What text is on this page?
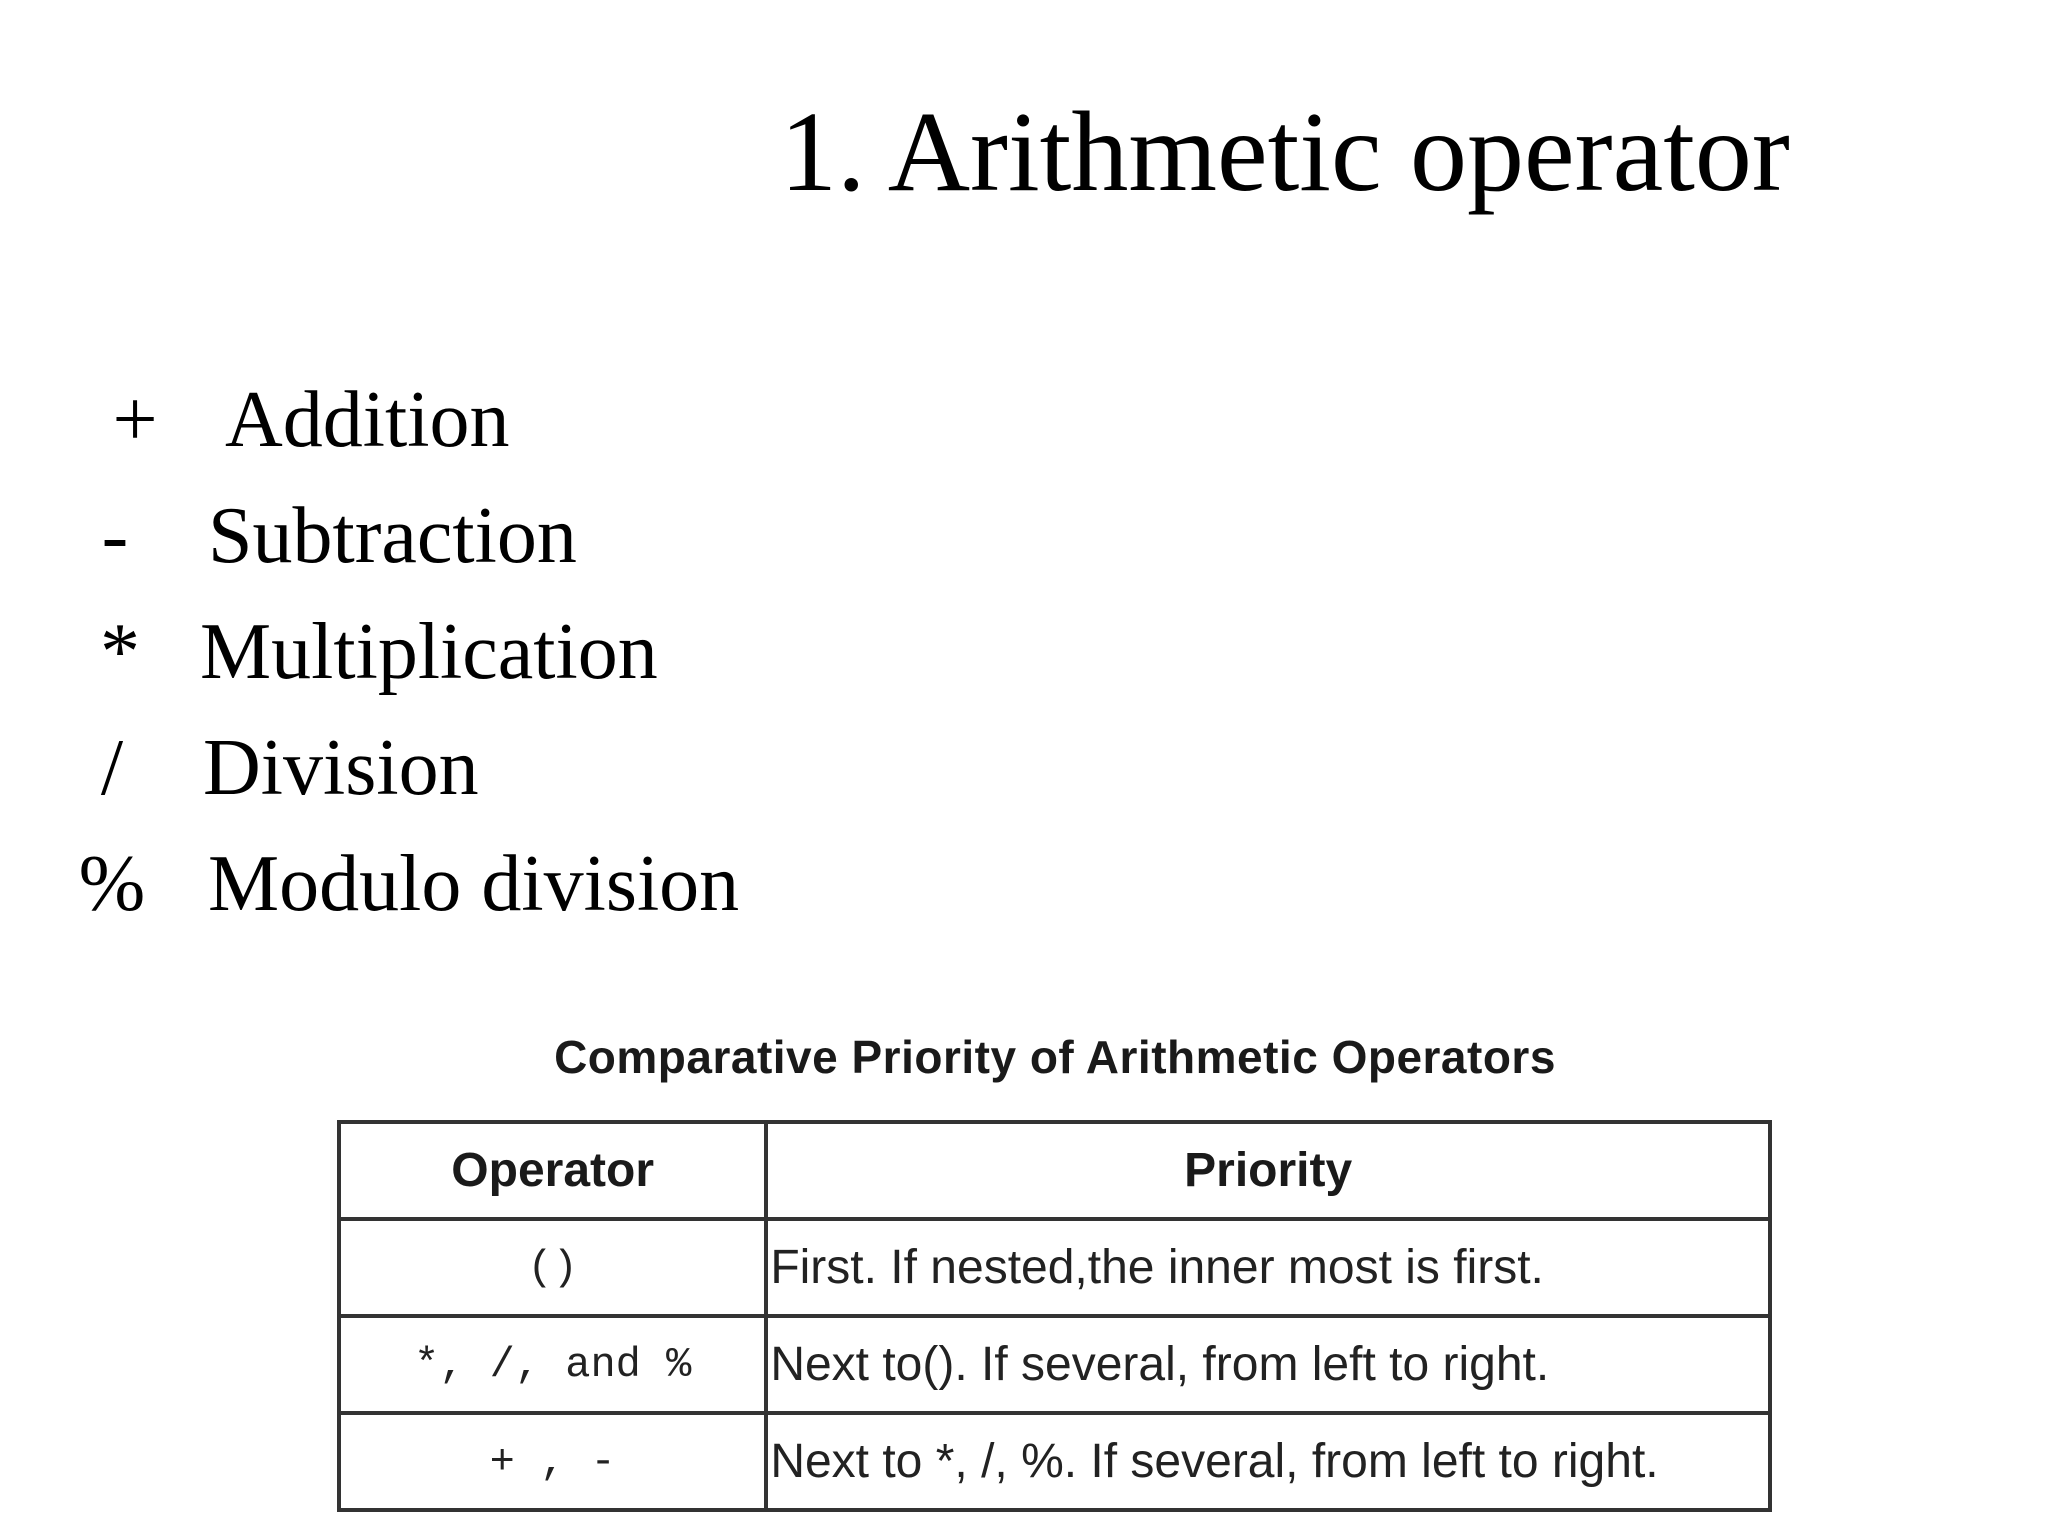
1. Arithmetic operator
+ Addition
- Subtraction
* Multiplication
/ Division
% Modulo division
Comparative Priority of Arithmetic Operators
Operator	Priority
()	First. If nested,the inner most is first.
*, /, and %	Next to(). If several, from left to right.
+ , -	Next to *, /, %. If several, from left to right.
